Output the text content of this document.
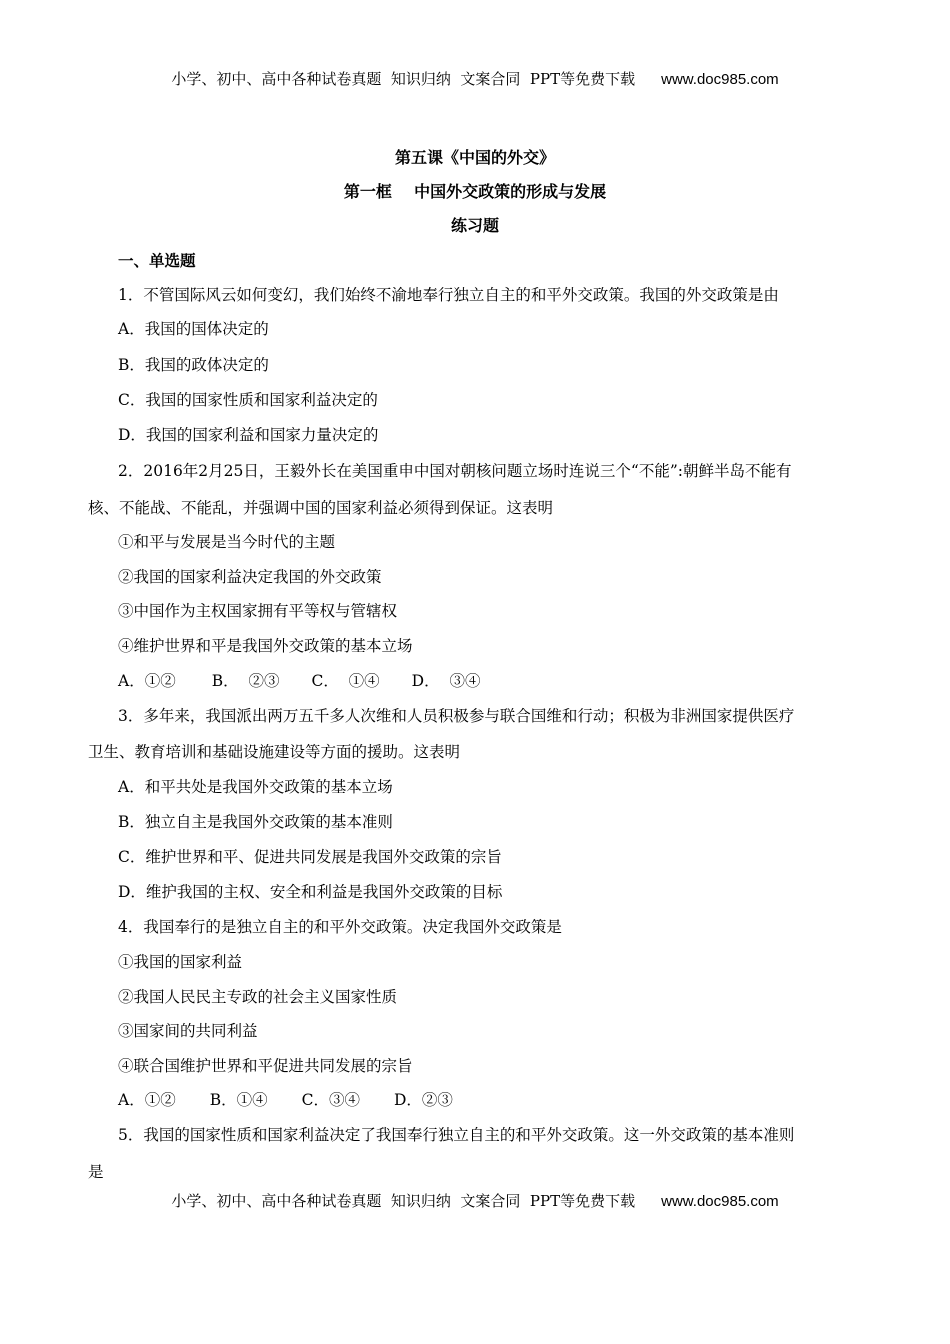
小学、初中、高中各种试卷真题  知识归纳  文案合同  PPT等免费下载 www.doc985.com
第五课《中国的外交》
第一框    中国外交政策的形成与发展
练习题
一、单选题
1．不管国际风云如何变幻，我们始终不渝地奉行独立自主的和平外交政策。我国的外交政策是由
A．我国的国体决定的
B．我国的政体决定的
C．我国的国家性质和国家利益决定的
D．我国的国家利益和国家力量决定的
2．2016年2月25日，王毅外长在美国重申中国对朝核问题立场时连说三个“不能”:朝鲜半岛不能有
核、不能战、不能乱，并强调中国的国家利益必须得到保证。这表明
①和平与发展是当今时代的主题
②我国的国家利益决定我国的外交政策
③中国作为主权国家拥有平等权与管辖权
④维护世界和平是我国外交政策的基本立场
A．①② B．  ②③ C．  ①④ D．  ③④
3．多年来，我国派出两万五千多人次维和人员积极参与联合国维和行动；积极为非洲国家提供医疗
卫生、教育培训和基础设施建设等方面的援助。这表明
A．和平共处是我国外交政策的基本立场
B．独立自主是我国外交政策的基本准则
C．维护世界和平、促进共同发展是我国外交政策的宗旨
D．维护我国的主权、安全和利益是我国外交政策的目标
4．我国奉行的是独立自主的和平外交政策。决定我国外交政策是
①我国的国家利益
②我国人民民主专政的社会主义国家性质
③国家间的共同利益
④联合国维护世界和平促进共同发展的宗旨
A．①② B．①④ C．③④ D．②③
5．我国的国家性质和国家利益决定了我国奉行独立自主的和平外交政策。这一外交政策的基本准则
是
小学、初中、高中各种试卷真题  知识归纳  文案合同  PPT等免费下载 www.doc985.com
